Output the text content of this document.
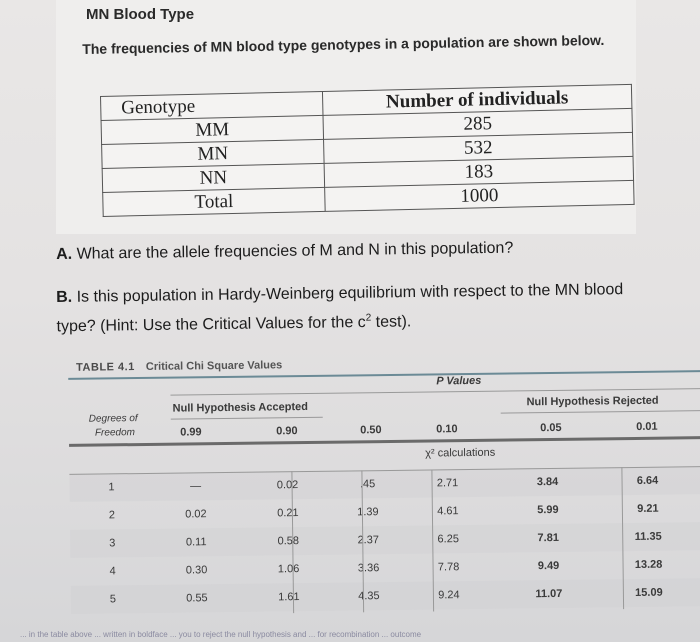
MN Blood Type
The frequencies of MN blood type genotypes in a population are shown below.
Genotype	Number of individuals
MM	285
MN	532
NN	183
Total	1000
A. What are the allele frequencies of M and N in this population?
B. Is this population in Hardy-Weinberg equilibrium with respect to the MN blood type? (Hint: Use the Critical Values for the $c^2$ test).
TABLE 4.1 Critical Chi Square Values
P Values
Degrees of
Freedom
Null Hypothesis Accepted	Null Hypothesis Rejected
0.99	0.90	0.50	0.10	0.05	0.01
χ² calculations
1	—	0.02	.45	2.71	3.84	6.64
2	0.02	0.21	1.39	4.61	5.99	9.21
3	0.11	0.58	2.37	6.25	7.81	11.35
4	0.30	1.06	3.36	7.78	9.49	13.28
5	0.55	1.61	4.35	9.24	11.07	15.09
... in the table above ... written in boldface ... you to reject the null hypothesis and ... for recombination ... outcome
